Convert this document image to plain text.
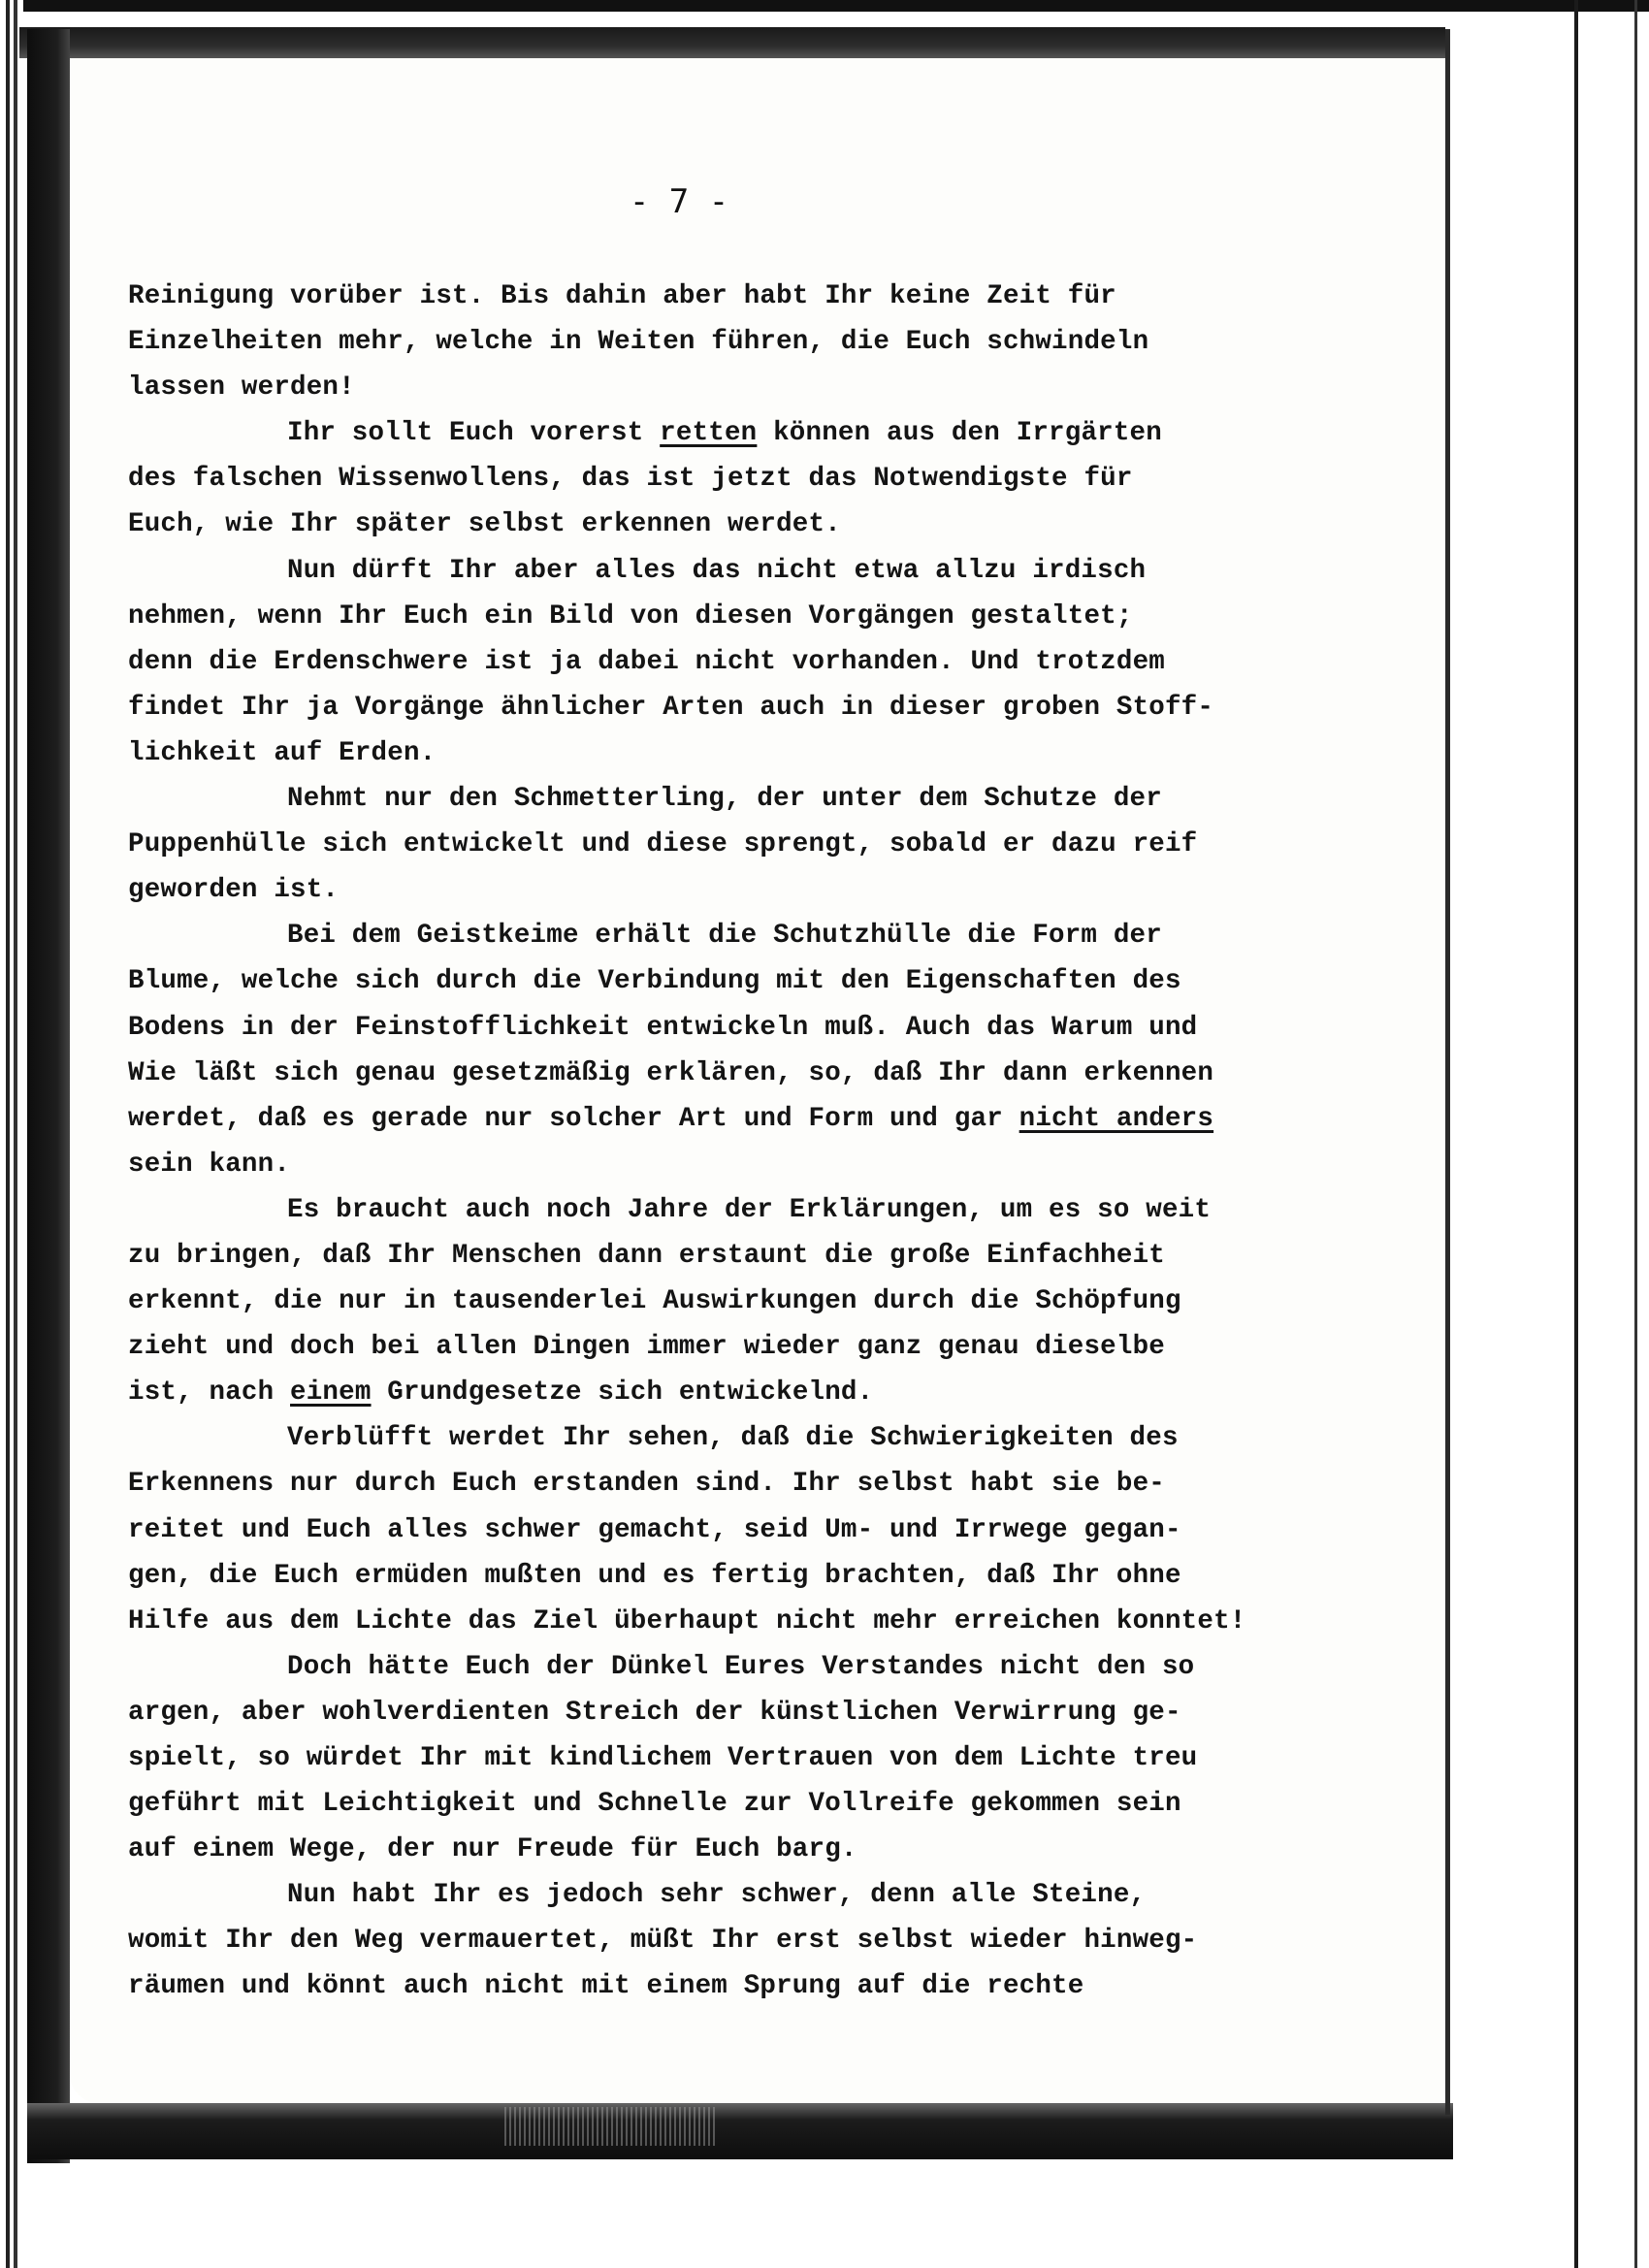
- 7 -
Reinigung vorüber ist. Bis dahin aber habt Ihr keine Zeit für
Einzelheiten mehr, welche in Weiten führen, die Euch schwindeln
lassen werden!
Ihr sollt Euch vorerst retten können aus den Irrgärten
des falschen Wissenwollens, das ist jetzt das Notwendigste für
Euch, wie Ihr später selbst erkennen werdet.
Nun dürft Ihr aber alles das nicht etwa allzu irdisch
nehmen, wenn Ihr Euch ein Bild von diesen Vorgängen gestaltet;
denn die Erdenschwere ist ja dabei nicht vorhanden. Und trotzdem
findet Ihr ja Vorgänge ähnlicher Arten auch in dieser groben Stoff-
lichkeit auf Erden.
Nehmt nur den Schmetterling, der unter dem Schutze der
Puppenhülle sich entwickelt und diese sprengt, sobald er dazu reif
geworden ist.
Bei dem Geistkeime erhält die Schutzhülle die Form der
Blume, welche sich durch die Verbindung mit den Eigenschaften des
Bodens in der Feinstofflichkeit entwickeln muß. Auch das Warum und
Wie läßt sich genau gesetzmäßig erklären, so, daß Ihr dann erkennen
werdet, daß es gerade nur solcher Art und Form und gar nicht anders
sein kann.
Es braucht auch noch Jahre der Erklärungen, um es so weit
zu bringen, daß Ihr Menschen dann erstaunt die große Einfachheit
erkennt, die nur in tausenderlei Auswirkungen durch die Schöpfung
zieht und doch bei allen Dingen immer wieder ganz genau dieselbe
ist, nach einem Grundgesetze sich entwickelnd.
Verblüfft werdet Ihr sehen, daß die Schwierigkeiten des
Erkennens nur durch Euch erstanden sind. Ihr selbst habt sie be-
reitet und Euch alles schwer gemacht, seid Um- und Irrwege gegan-
gen, die Euch ermüden mußten und es fertig brachten, daß Ihr ohne
Hilfe aus dem Lichte das Ziel überhaupt nicht mehr erreichen konntet!
Doch hätte Euch der Dünkel Eures Verstandes nicht den so
argen, aber wohlverdienten Streich der künstlichen Verwirrung ge-
spielt, so würdet Ihr mit kindlichem Vertrauen von dem Lichte treu
geführt mit Leichtigkeit und Schnelle zur Vollreife gekommen sein
auf einem Wege, der nur Freude für Euch barg.
Nun habt Ihr es jedoch sehr schwer, denn alle Steine,
womit Ihr den Weg vermauertet, müßt Ihr erst selbst wieder hinweg-
räumen und könnt auch nicht mit einem Sprung auf die rechte
